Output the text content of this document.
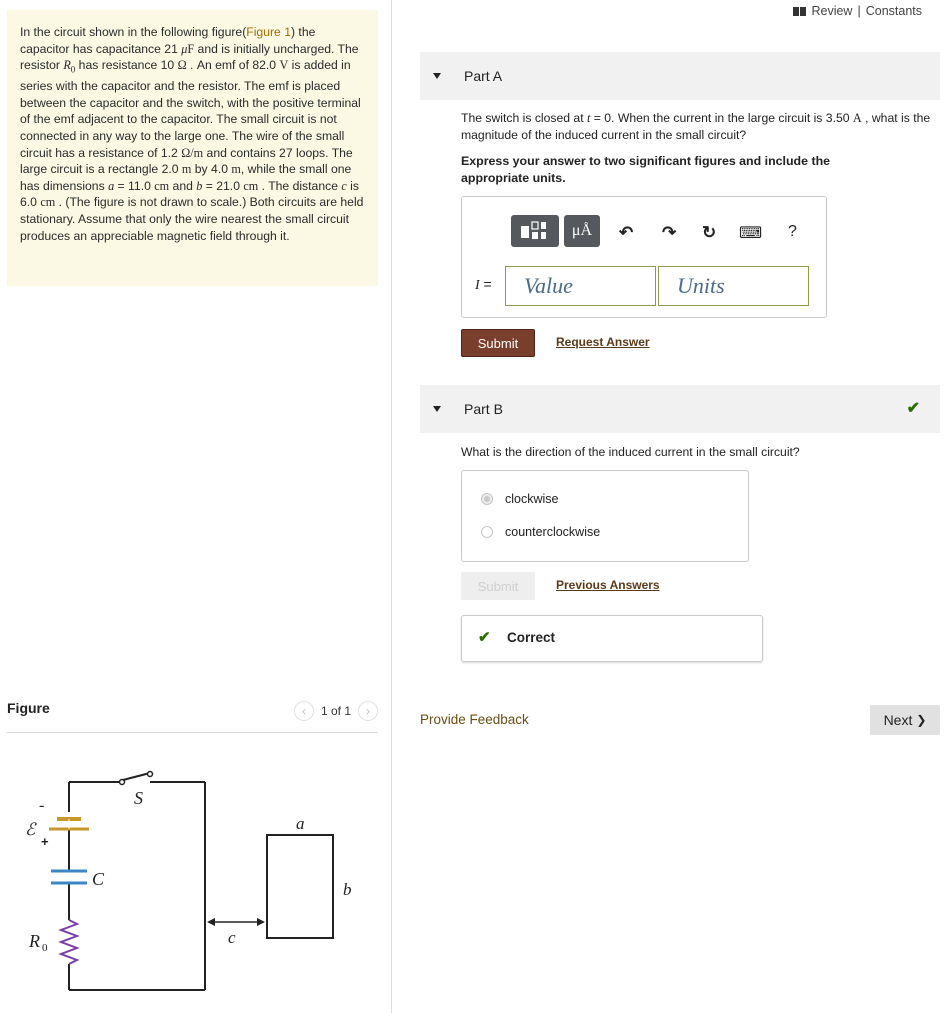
In the circuit shown in the following figure(Figure 1) the capacitor has capacitance 21 μF and is initially uncharged. The resistor $R_0$ has resistance 10 Ω . An emf of 82.0 V is added in series with the capacitor and the resistor. The emf is placed between the capacitor and the switch, with the positive terminal of the emf adjacent to the capacitor. The small circuit is not connected in any way to the large one. The wire of the small circuit has a resistance of 1.2 Ω/m and contains 27 loops. The large circuit is a rectangle 2.0 m by 4.0 m, while the small one has dimensions a = 11.0 cm and b = 21.0 cm . The distance c is 6.0 cm . (The figure is not drawn to scale.) Both circuits are held stationary. Assume that only the wire nearest the small circuit produces an appreciable magnetic field through it.

Figure	‹ 1 of 1 ›
S
-
+
ℰ
C
R 0
a
b
c
Review | Constants
Part A
The switch is closed at t = 0. When the current in the large circuit is 3.50 A , what is the magnitude of the induced current in the small circuit?
Express your answer to two significant figures and include the appropriate units.
μÅ	↶ ↷ ↻ ⌨ ?
I =	Value	Units
Submit	Request Answer
Part B	✔
What is the direction of the induced current in the small circuit?
clockwise
counterclockwise
Submit	Previous Answers
✔ Correct
Provide Feedback	Next ❯
